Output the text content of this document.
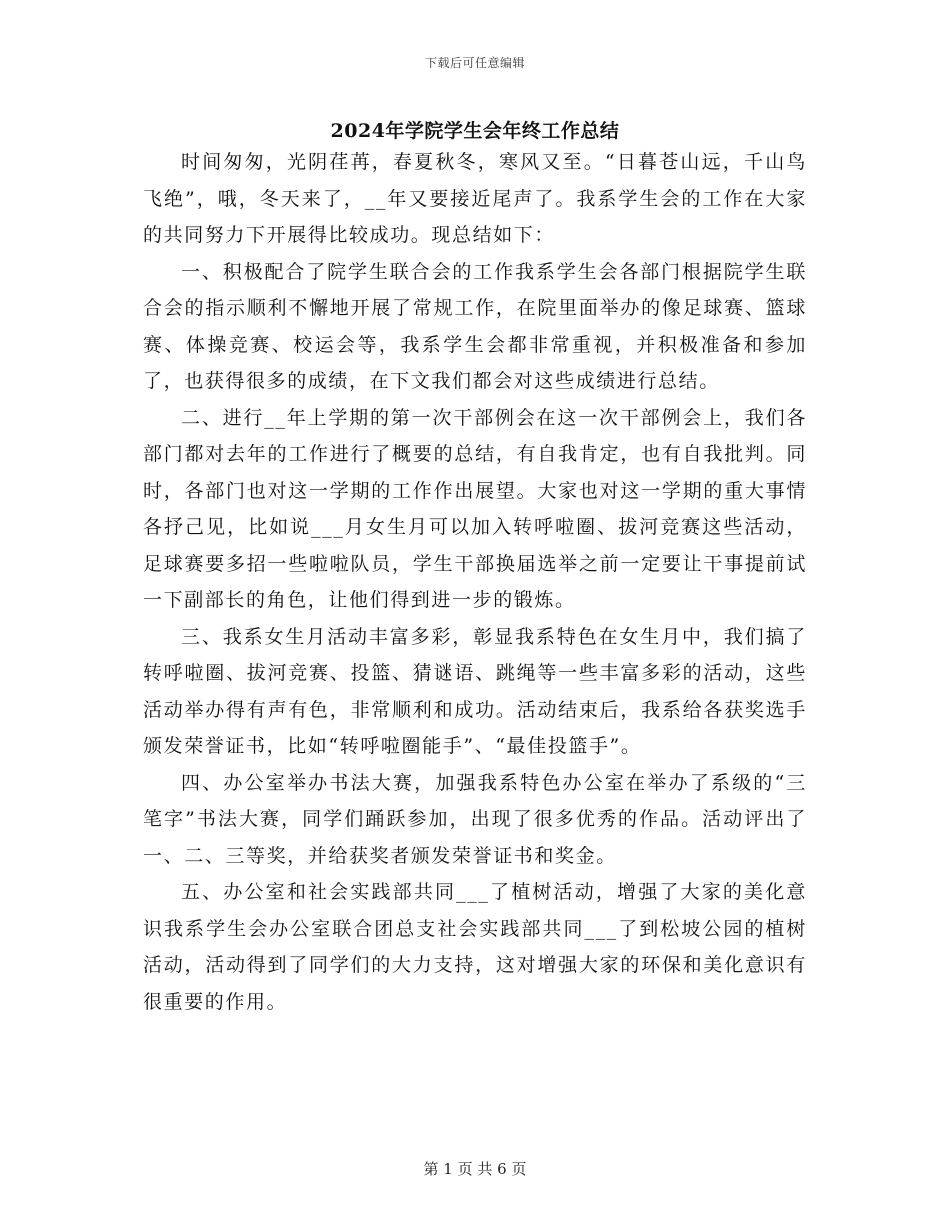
下载后可任意编辑
2024年学院学生会年终工作总结

时间匆匆，光阴荏苒，春夏秋冬，寒风又至。“日暮苍山远，千山鸟飞绝”，哦，冬天来了，__年又要接近尾声了。我系学生会的工作在大家的共同努力下开展得比较成功。现总结如下：

一、积极配合了院学生联合会的工作我系学生会各部门根据院学生联合会的指示顺利不懈地开展了常规工作，在院里面举办的像足球赛、篮球赛、体操竞赛、校运会等，我系学生会都非常重视，并积极准备和参加了，也获得很多的成绩，在下文我们都会对这些成绩进行总结。

二、进行__年上学期的第一次干部例会在这一次干部例会上，我们各部门都对去年的工作进行了概要的总结，有自我肯定，也有自我批判。同时，各部门也对这一学期的工作作出展望。大家也对这一学期的重大事情各抒己见，比如说___月女生月可以加入转呼啦圈、拔河竞赛这些活动，足球赛要多招一些啦啦队员，学生干部换届选举之前一定要让干事提前试一下副部长的角色，让他们得到进一步的锻炼。

三、我系女生月活动丰富多彩，彰显我系特色在女生月中，我们搞了转呼啦圈、拔河竞赛、投篮、猜谜语、跳绳等一些丰富多彩的活动，这些活动举办得有声有色，非常顺利和成功。活动结束后，我系给各获奖选手颁发荣誉证书，比如“转呼啦圈能手”、“最佳投篮手”。

四、办公室举办书法大赛，加强我系特色办公室在举办了系级的“三笔字”书法大赛，同学们踊跃参加，出现了很多优秀的作品。活动评出了一、二、三等奖，并给获奖者颁发荣誉证书和奖金。

五、办公室和社会实践部共同___了植树活动，增强了大家的美化意识我系学生会办公室联合团总支社会实践部共同___了到松坡公园的植树活动，活动得到了同学们的大力支持，这对增强大家的环保和美化意识有很重要的作用。

第 1 页 共 6 页
